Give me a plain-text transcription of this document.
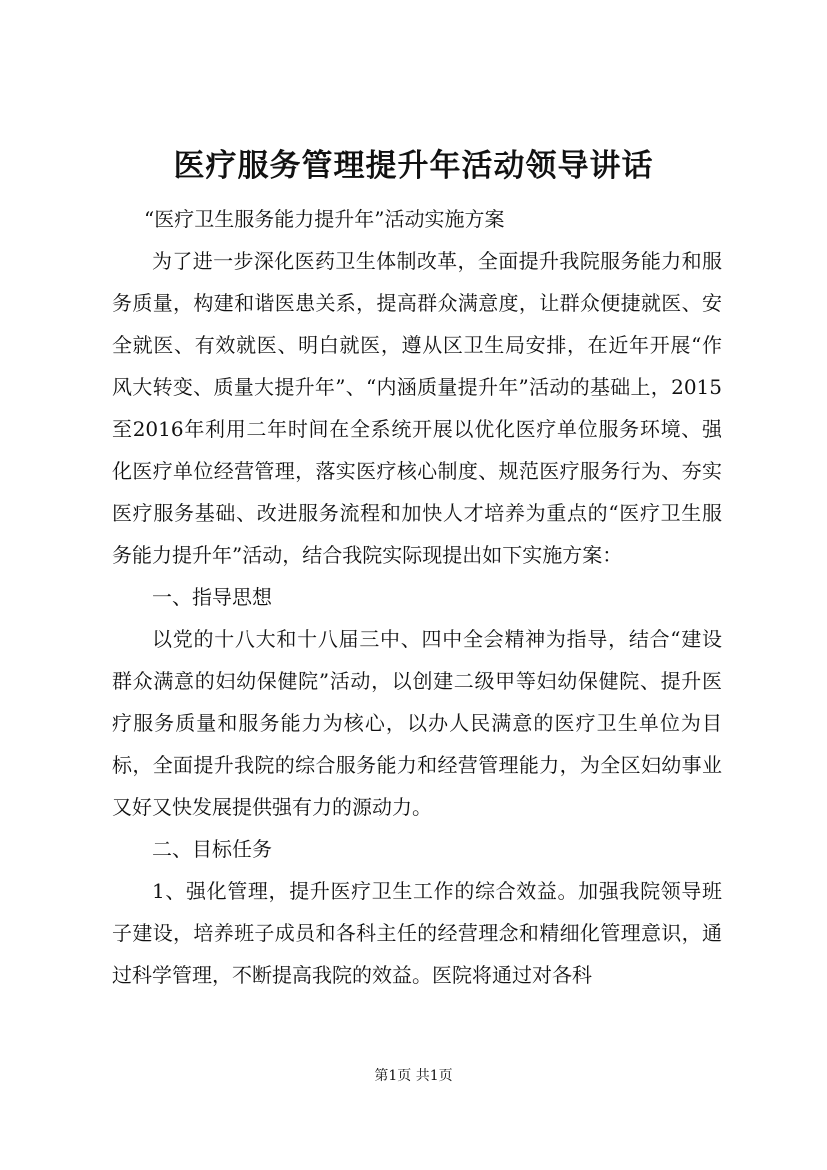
医疗服务管理提升年活动领导讲话

“医疗卫生服务能力提升年”活动实施方案

为了进一步深化医药卫生体制改革，全面提升我院服务能力和服务质量，构建和谐医患关系，提高群众满意度，让群众便捷就医、安全就医、有效就医、明白就医，遵从区卫生局安排，在近年开展“作风大转变、质量大提升年”、“内涵质量提升年”活动的基础上，2015至2016年利用二年时间在全系统开展以优化医疗单位服务环境、强化医疗单位经营管理，落实医疗核心制度、规范医疗服务行为、夯实医疗服务基础、改进服务流程和加快人才培养为重点的“医疗卫生服务能力提升年”活动，结合我院实际现提出如下实施方案：

一、指导思想

以党的十八大和十八届三中、四中全会精神为指导，结合“建设群众满意的妇幼保健院”活动，以创建二级甲等妇幼保健院、提升医疗服务质量和服务能力为核心，以办人民满意的医疗卫生单位为目标，全面提升我院的综合服务能力和经营管理能力，为全区妇幼事业又好又快发展提供强有力的源动力。

二、目标任务

1、强化管理，提升医疗卫生工作的综合效益。加强我院领导班子建设，培养班子成员和各科主任的经营理念和精细化管理意识，通过科学管理，不断提高我院的效益。医院将通过对各科

第1页 共1页
